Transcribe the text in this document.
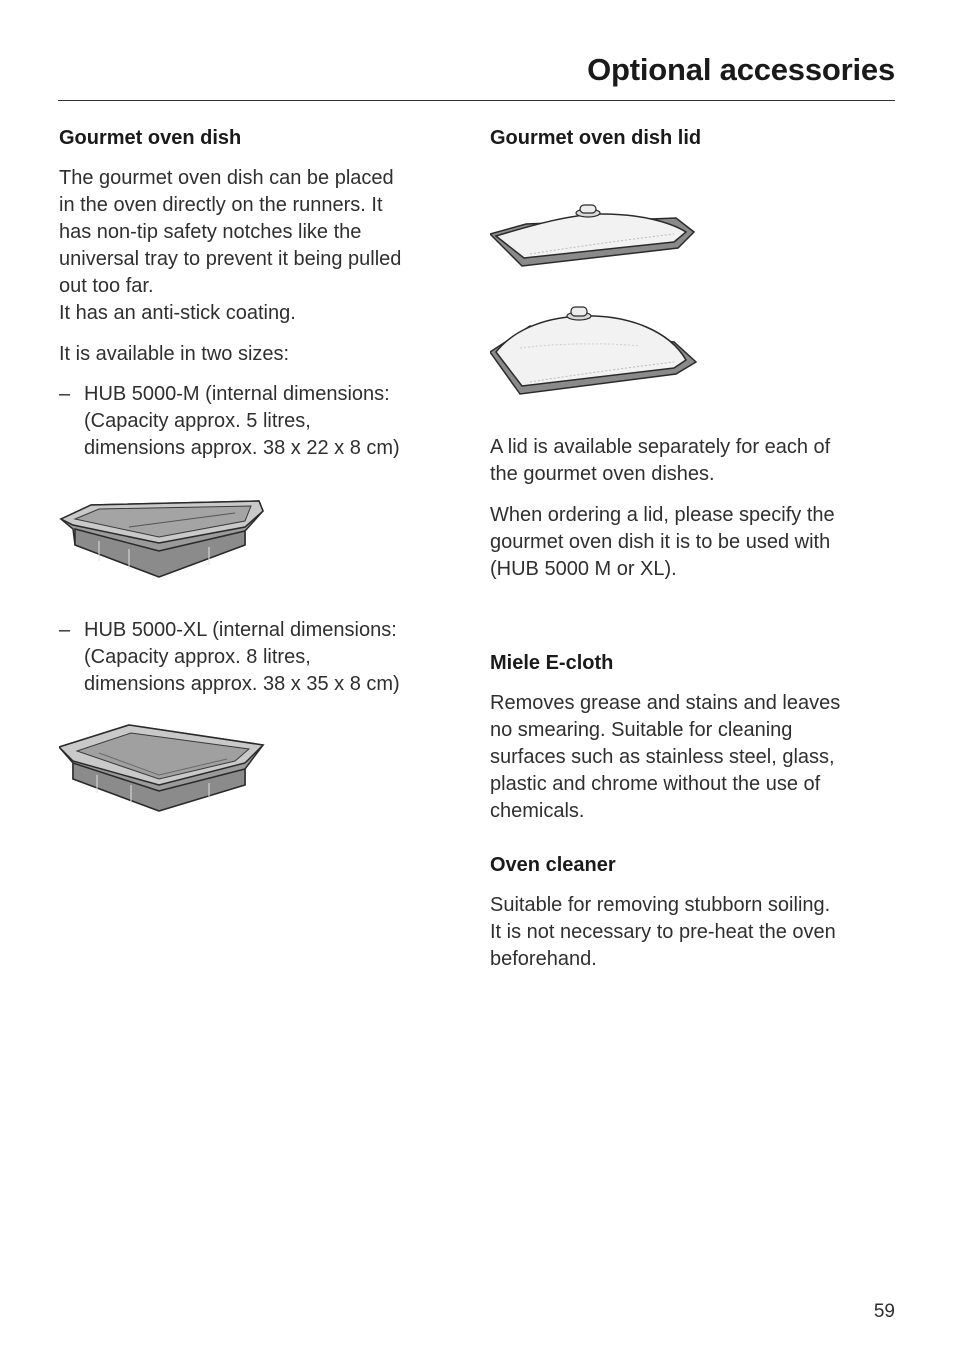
Optional accessories
Gourmet oven dish

The gourmet oven dish can be placed

in the oven directly on the runners. It

has non-tip safety notches like the

universal tray to prevent it being pulled

out too far.

It has an anti-stick coating.

It is available in two sizes:

– HUB 5000-M (internal dimensions:

(Capacity approx. 5 litres,

dimensions approx. 38 x 22 x 8 cm)

– HUB 5000-XL (internal dimensions:

(Capacity approx. 8 litres,

dimensions approx. 38 x 35 x 8 cm)

Gourmet oven dish lid

A lid is available separately for each of

the gourmet oven dishes.

When ordering a lid, please specify the

gourmet oven dish it is to be used with

(HUB 5000 M or XL).

Miele E-cloth

Removes grease and stains and leaves

no smearing. Suitable for cleaning

surfaces such as stainless steel, glass,

plastic and chrome without the use of

chemicals.

Oven cleaner

Suitable for removing stubborn soiling.

It is not necessary to pre-heat the oven

beforehand.

59
